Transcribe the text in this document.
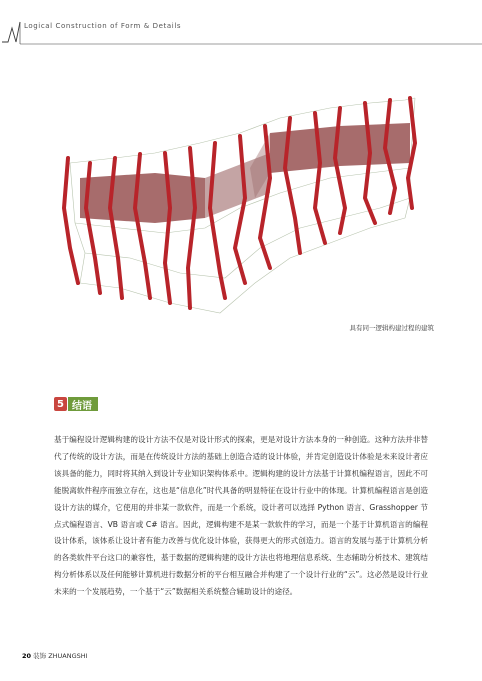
Logical Construction of Form & Details
具有同一逻辑构建过程的建筑
5 结语

基于编程设计逻辑构建的设计方法不仅是对设计形式的探索，更是对设计方法本身的一种创造。这种方法并非替代了传统的设计方法，而是在传统设计方法的基础上创造合适的设计体验，并肯定创造设计体验是未来设计者应该具备的能力，同时将其纳入到设计专业知识架构体系中。逻辑构建的设计方法基于计算机编程语言，因此不可能脱离软件程序而独立存在，这也是“信息化”时代具备的明显特征在设计行业中的体现。计算机编程语言是创造设计方法的媒介，它使用的并非某一款软件，而是一个系统，设计者可以选择 Python 语言、Grasshopper 节点式编程语言、VB 语言或 C# 语言。因此，逻辑构建不是某一款软件的学习，而是一个基于计算机语言的编程设计体系，该体系让设计者有能力改善与优化设计体验，获得更大的形式创造力。语言的发展与基于计算机分析的各类软件平台这口的兼容性，基于数据的逻辑构建的设计方法也将地理信息系统、生态辅助分析技术、建筑结构分析体系以及任何能够计算机进行数据分析的平台相互融合并构建了一个设计行业的“云”。这必然是设计行业未来的一个发展趋势，一个基于“云”数据相关系统整合辅助设计的途径。

20 装饰 ZHUANGSHI
